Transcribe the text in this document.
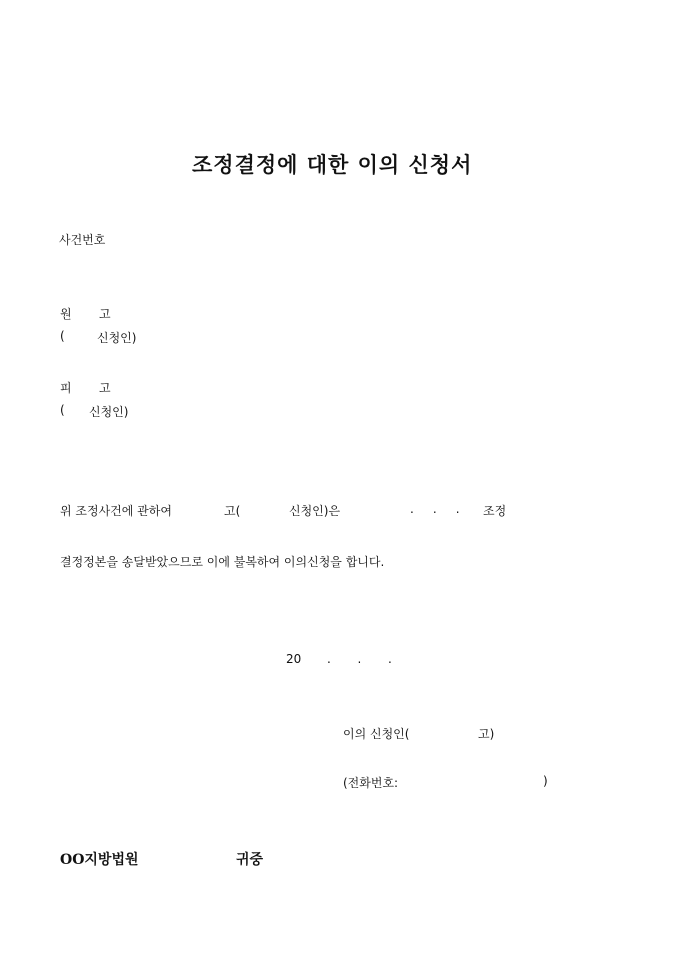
조정결정에 대한 이의 신청서
사건번호
원 고
(	신청인)
피 고
( 신청인)
위 조정사건에 관하여	고(	신청인)은	.     .     . 조정
결정정본을 송달받았으므로 이에 불복하여 이의신청을 합니다.
20 .       .       .
이의 신청인(	고)
(전화번호:	)
OO지방법원	귀중
